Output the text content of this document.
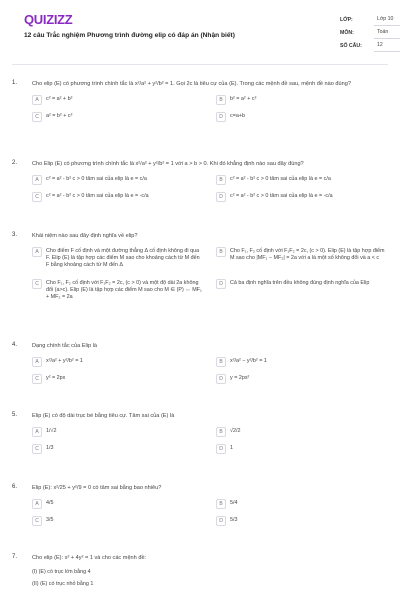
QUIZIZZ
12 câu Trắc nghiệm Phương trình đường elip có đáp án (Nhận biết)
LỚP:	Lớp 10
MÔN:	Toán
SỐ CÂU:	12
1.	Cho elip (E) có phương trình chính tắc là x²/a² + y²/b² = 1. Gọi 2c là tiêu cự của (E). Trong các mệnh đề sau, mệnh đề nào đúng?
A	c² = a² + b²	B	b² = a² + c²
C	a² = b² + c²	D	c=a+b
2.	Cho Elip (E) có phương trình chính tắc là x²/a² + y²/b² = 1 với a > b > 0. Khi đó khẳng định nào sau đây đúng?
A	c² = a² - b² c > 0 tâm sai của elip là e = c/a	B	c² = a² - b² c > 0 tâm sai của elip là e = c/a
C	c² = a² - b² c > 0 tâm sai của elip là e = -c/a	D	c² = a² - b² c > 0 tâm sai của elip là e = -c/a
3.	Khái niệm nào sau đây định nghĩa về elip?
A	Cho điểm F cố định và một đường thẳng Δ cố định không đi qua F. Elip (E) là tập hợp các điểm M sao cho khoảng cách từ M đến F bằng khoảng cách từ M đến Δ
B	Cho F₁, F₂ cố định với F₁F₂ = 2c, (c > 0). Elip (E) là tập hợp điểm M sao cho |MF₁ − MF₂| = 2a với a là một số không đổi và a < c
C	Cho F₁, F₂ cố định với F₁F₂ = 2c, (c > 0) và một độ dài 2a không đổi (a>c). Elip (E) là tập hợp các điểm M sao cho M ∈ (P) ⇔ MF₁ + MF₂ = 2a
D	Cả ba định nghĩa trên đều không đúng định nghĩa của Elip
4.	Dạng chính tắc của Elip là
A	x²/a² + y²/b² = 1	B	x²/a² − y²/b² = 1
C	y² = 2px	D	y = 2px²
5.	Elip (E) có độ dài trục bé bằng tiêu cự. Tâm sai của (E) là
A	1/√2	B	√2/2
C	1/3	D	1
6.	Elip (E): x²/25 + y²/9 = 0 có tâm sai bằng bao nhiêu?
A	4/5	B	5/4
C	3/5	D	5/3
7.	Cho elip (E): x² + 4y² = 1 và cho các mệnh đề:
(I) (E) có trục lớn bằng 4
(II) (E) có trục nhỏ bằng 1
